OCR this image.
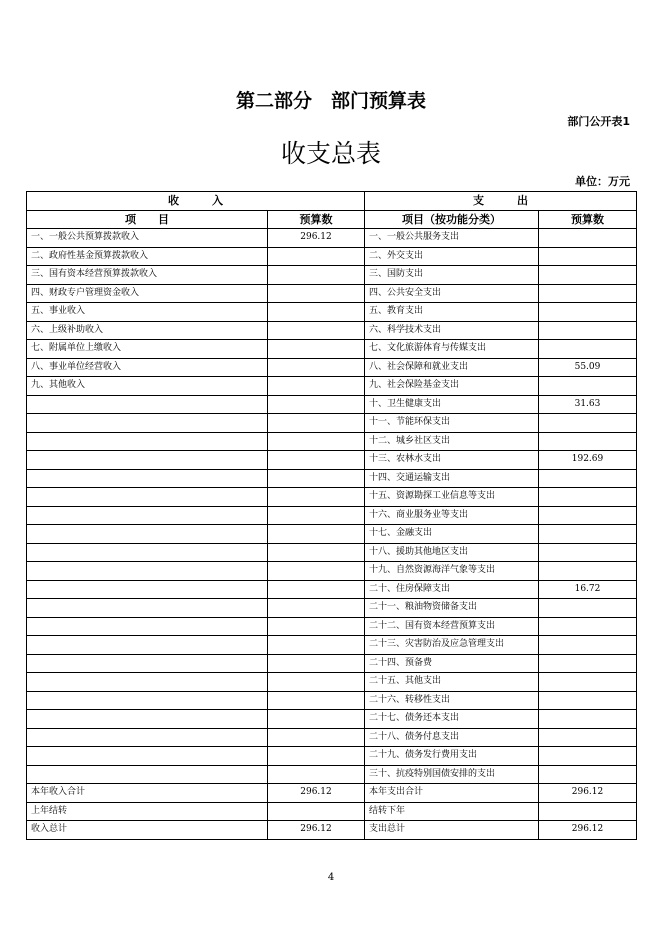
第二部分　部门预算表
部门公开表1
收支总表
单位：万元
收　　　入		支　　　出	
项　　目	预算数	项目（按功能分类）	预算数
一、一般公共预算拨款收入	296.12	一、一般公共服务支出	
二、政府性基金预算拨款收入		二、外交支出	
三、国有资本经营预算拨款收入		三、国防支出	
四、财政专户管理资金收入		四、公共安全支出	
五、事业收入		五、教育支出	
六、上级补助收入		六、科学技术支出	
七、附属单位上缴收入		七、文化旅游体育与传媒支出	
八、事业单位经营收入		八、社会保障和就业支出	55.09
九、其他收入		九、社会保险基金支出	
		十、卫生健康支出	31.63
		十一、节能环保支出	
		十二、城乡社区支出	
		十三、农林水支出	192.69
		十四、交通运输支出	
		十五、资源勘探工业信息等支出	
		十六、商业服务业等支出	
		十七、金融支出	
		十八、援助其他地区支出	
		十九、自然资源海洋气象等支出	
		二十、住房保障支出	16.72
		二十一、粮油物资储备支出	
		二十二、国有资本经营预算支出	
		二十三、灾害防治及应急管理支出	
		二十四、预备费	
		二十五、其他支出	
		二十六、转移性支出	
		二十七、债务还本支出	
		二十八、债务付息支出	
		二十九、债务发行费用支出	
		三十、抗疫特别国债安排的支出	
本年收入合计	296.12	本年支出合计	296.12
上年结转		结转下年	
收入总计	296.12	支出总计	296.12
4
